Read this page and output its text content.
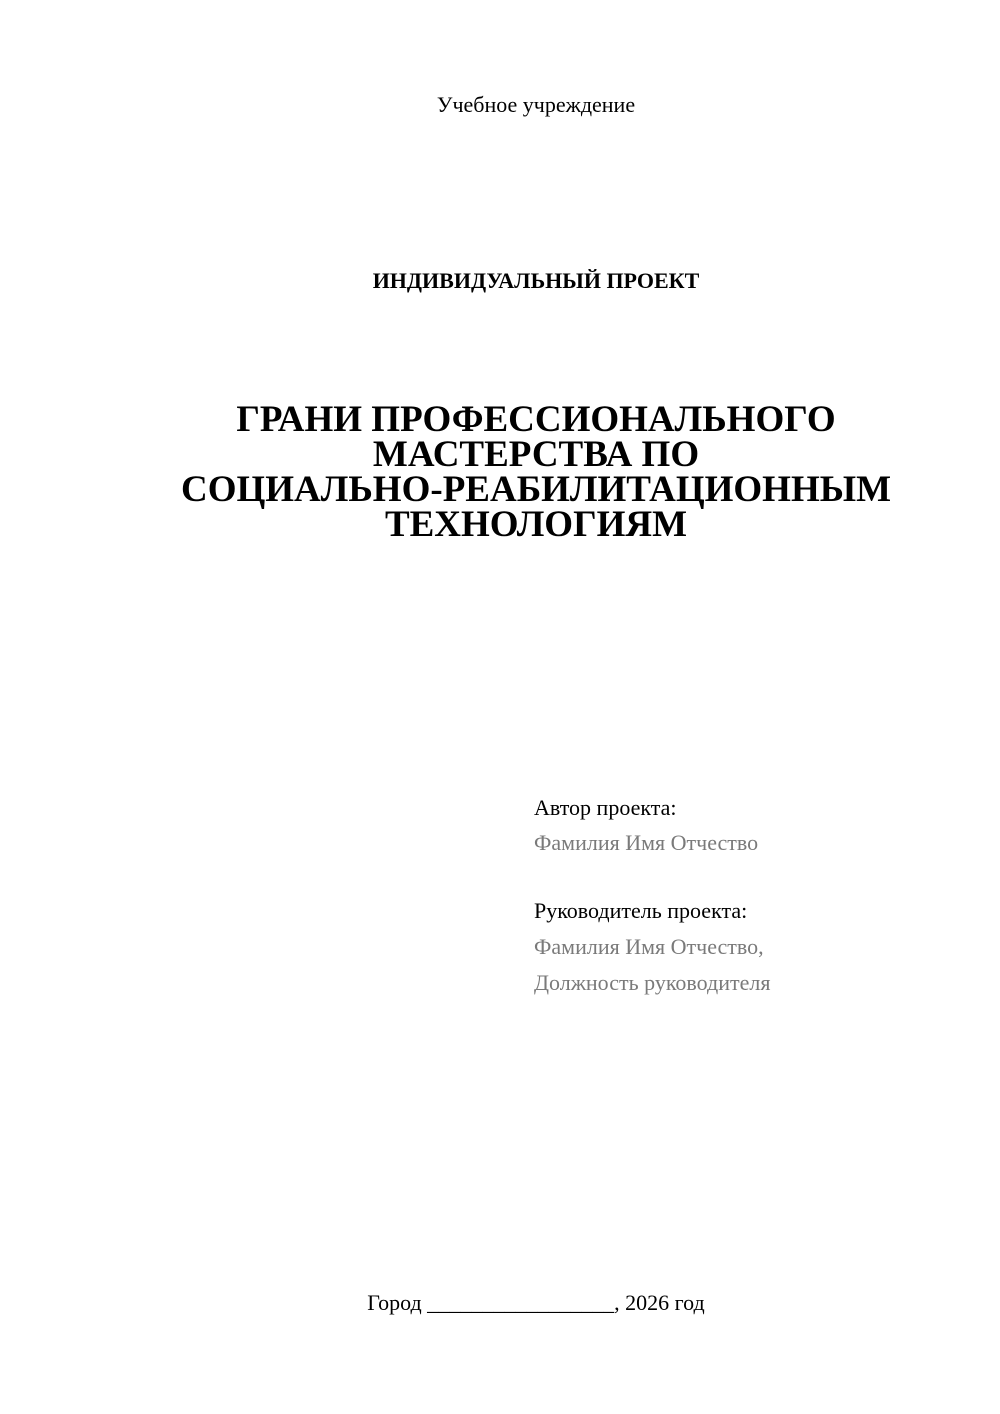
Учебное учреждение
ИНДИВИДУАЛЬНЫЙ ПРОЕКТ
ГРАНИ ПРОФЕССИОНАЛЬНОГО
МАСТЕРСТВА ПО
СОЦИАЛЬНО-РЕАБИЛИТАЦИОННЫМ
ТЕХНОЛОГИЯМ
Автор проекта:
Фамилия Имя Отчество
Руководитель проекта:
Фамилия Имя Отчество,
Должность руководителя
Город _________________, 2026 год
